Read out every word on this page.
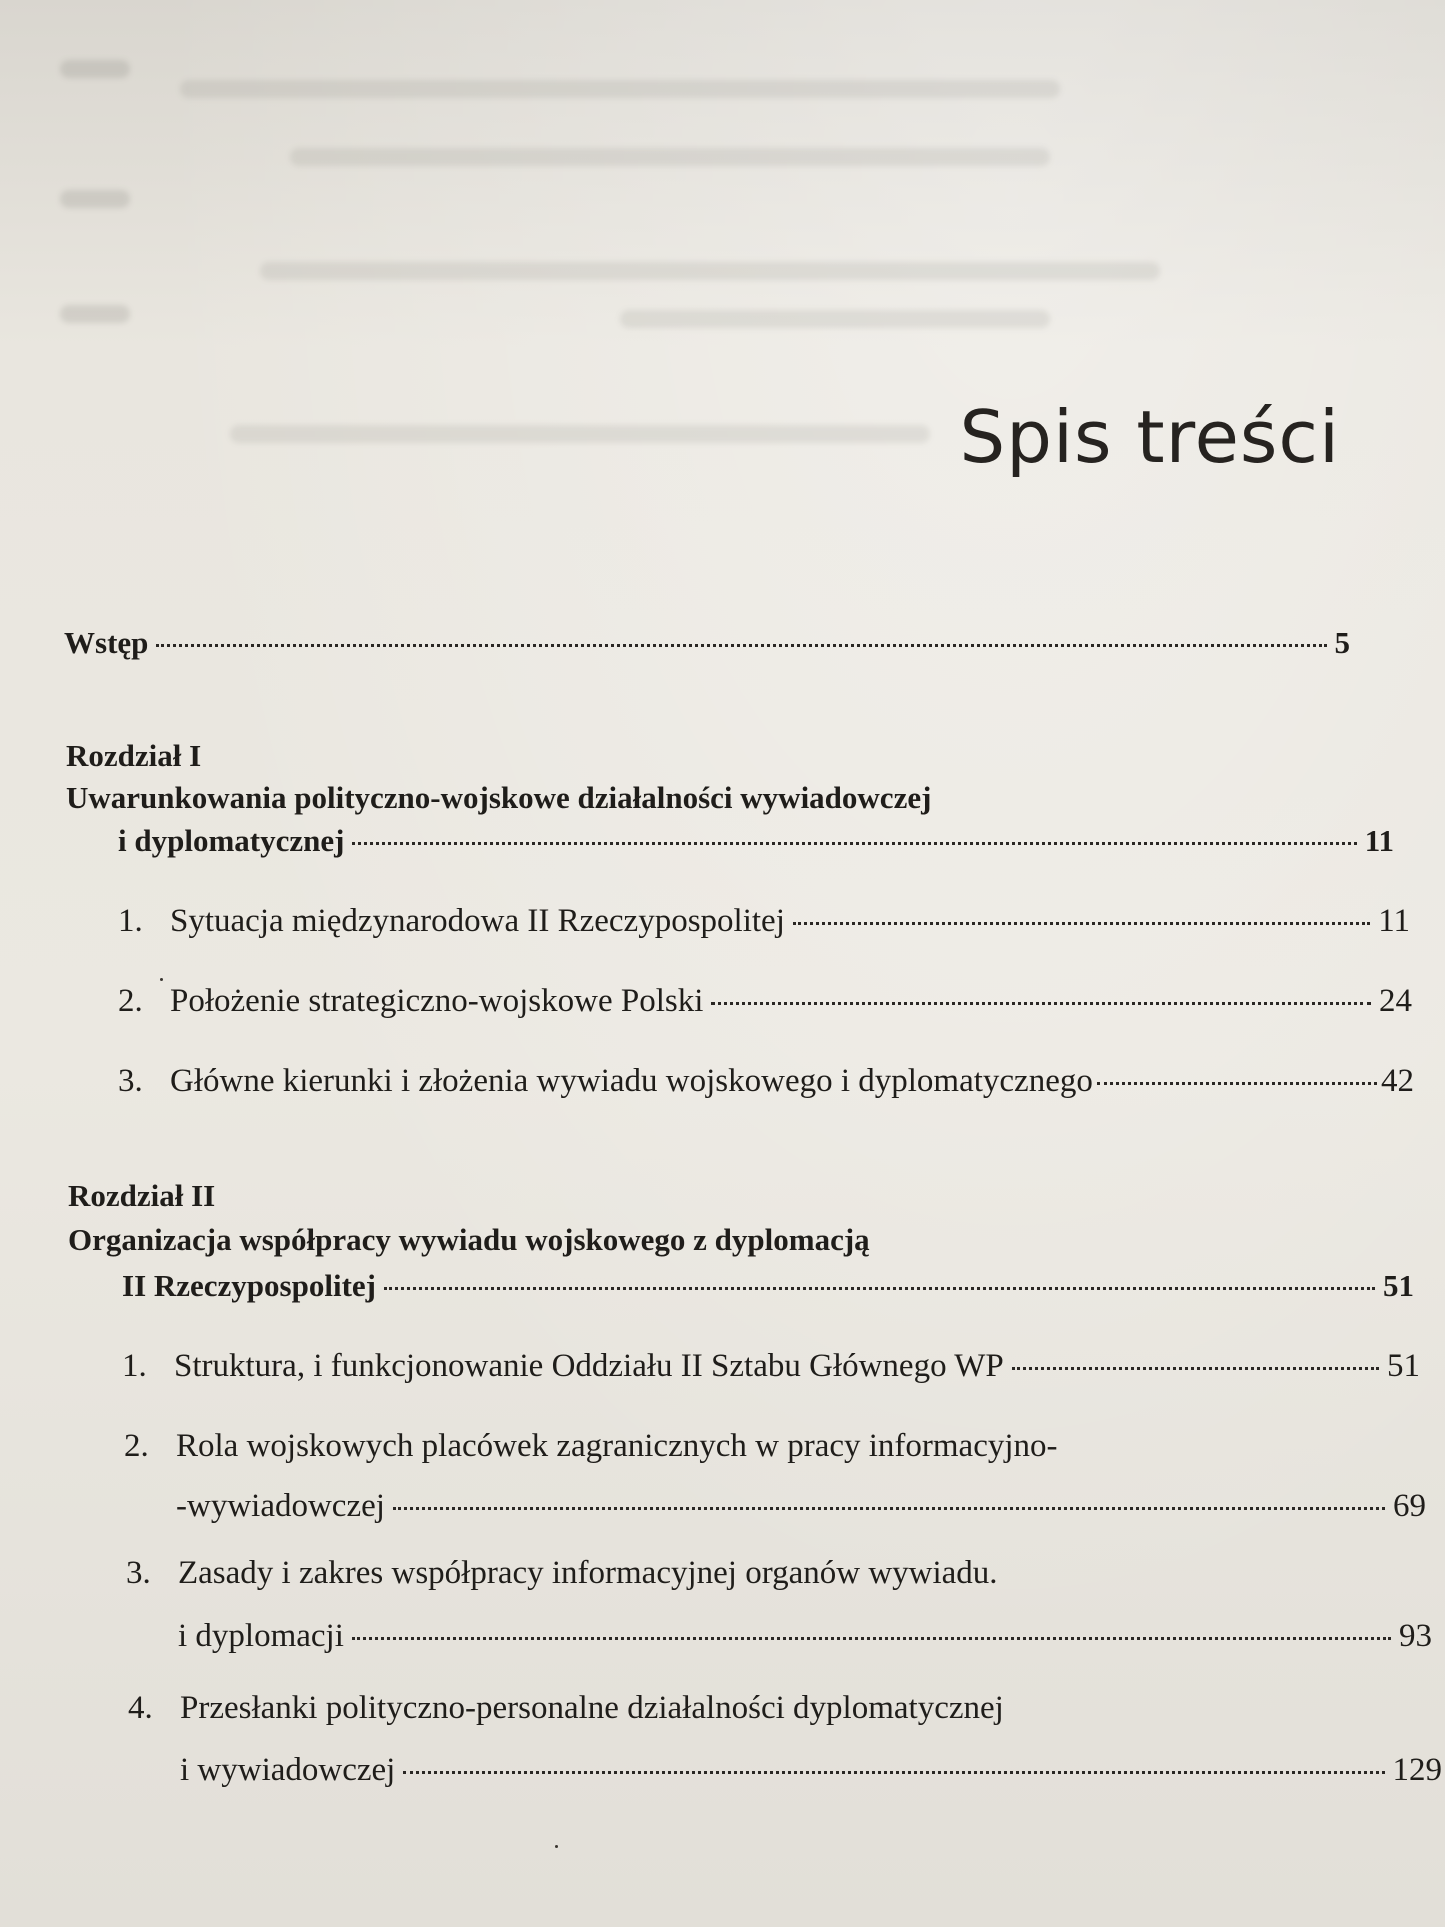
Spis treści
Wstęp	5
Rozdział I
Uwarunkowania polityczno-wojskowe działalności wywiadowczej
i dyplomatycznej	11
1. Sytuacja międzynarodowa II Rzeczypospolitej	11
2. Położenie strategiczno-wojskowe Polski	24
3. Główne kierunki i złożenia wywiadu wojskowego i dyplomatycznego	42
Rozdział II
Organizacja współpracy wywiadu wojskowego z dyplomacją
II Rzeczypospolitej	51
1. Struktura, i funkcjonowanie Oddziału II Sztabu Głównego WP	51
2. Rola wojskowych placówek zagranicznych w pracy informacyjno-
-wywiadowczej	69
3. Zasady i zakres współpracy informacyjnej organów wywiadu.
i dyplomacji	93
4. Przesłanki polityczno-personalne działalności dyplomatycznej
i wywiadowczej	129
